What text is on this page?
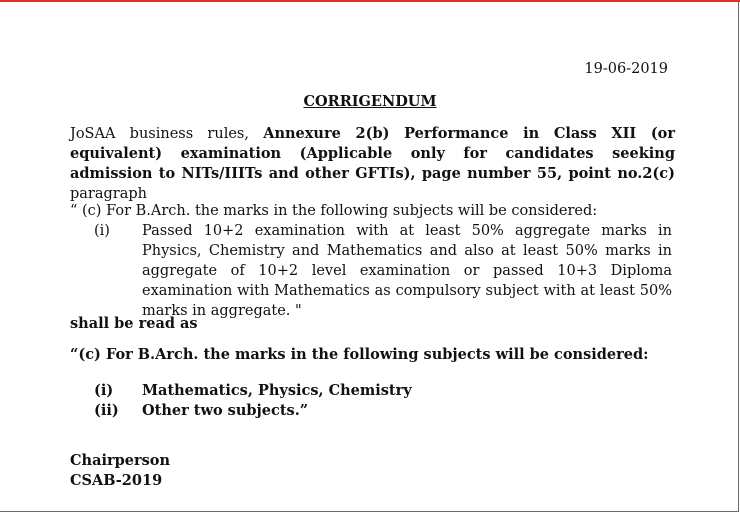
19-06-2019
CORRIGENDUM
JoSAA business rules, Annexure 2(b) Performance in Class XII (or equivalent) examination (Applicable only for candidates seeking admission to NITs/IIITs and other GFTIs), page number 55, point no.2(c) paragraph
“ (c) For B.Arch. the marks in the following subjects will be considered:
(i) Passed 10+2 examination with at least 50% aggregate marks in Physics, Chemistry and Mathematics and also at least 50% marks in aggregate of 10+2 level examination or passed 10+3 Diploma examination with Mathematics as compulsory subject with at least 50% marks in aggregate. "
shall be read as
“(c) For B.Arch. the marks in the following subjects will be considered:
(i) Mathematics, Physics, Chemistry
(ii) Other two subjects.”
Chairperson
CSAB-2019
